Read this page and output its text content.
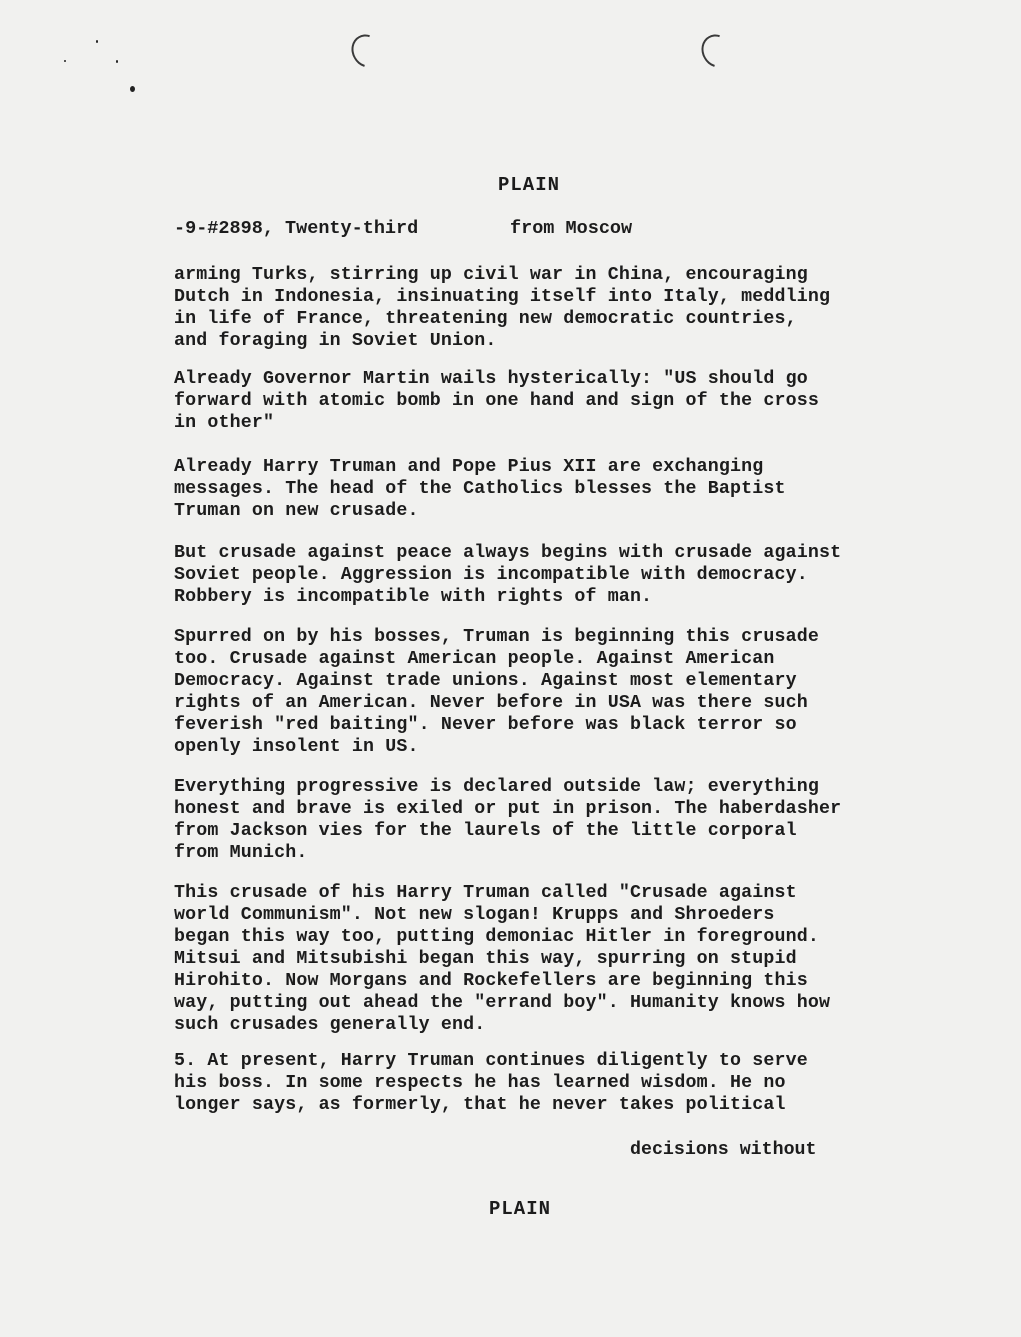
PLAIN
-9-#2898, Twenty-third	from Moscow
arming Turks, stirring up civil war in China, encouraging
Dutch in Indonesia, insinuating itself into Italy, meddling
in life of France, threatening new democratic countries,
and foraging in Soviet Union.
Already Governor Martin wails hysterically: "US should go
forward with atomic bomb in one hand and sign of the cross
in other"
Already Harry Truman and Pope Pius XII are exchanging
messages. The head of the Catholics blesses the Baptist
Truman on new crusade.
But crusade against peace always begins with crusade against
Soviet people. Aggression is incompatible with democracy.
Robbery is incompatible with rights of man.
Spurred on by his bosses, Truman is beginning this crusade
too. Crusade against American people. Against American
Democracy. Against trade unions. Against most elementary
rights of an American. Never before in USA was there such
feverish "red baiting". Never before was black terror so
openly insolent in US.
Everything progressive is declared outside law; everything
honest and brave is exiled or put in prison. The haberdasher
from Jackson vies for the laurels of the little corporal
from Munich.
This crusade of his Harry Truman called "Crusade against
world Communism". Not new slogan! Krupps and Shroeders
began this way too, putting demoniac Hitler in foreground.
Mitsui and Mitsubishi began this way, spurring on stupid
Hirohito. Now Morgans and Rockefellers are beginning this
way, putting out ahead the "errand boy". Humanity knows how
such crusades generally end.
5. At present, Harry Truman continues diligently to serve
his boss. In some respects he has learned wisdom. He no
longer says, as formerly, that he never takes political
decisions without
PLAIN
